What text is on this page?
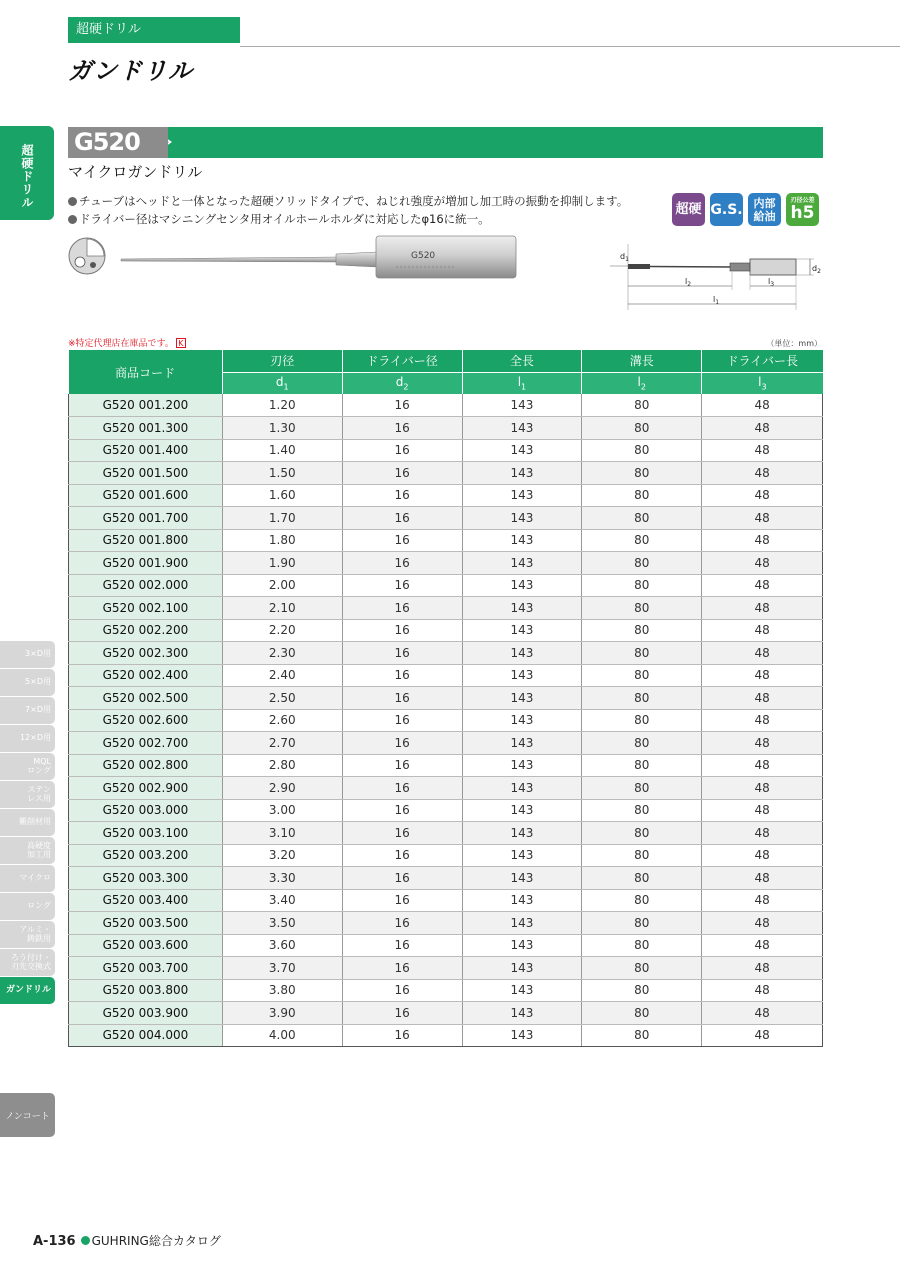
超硬ドリル
ガンドリル
超硬ドリル
3×D用
5×D用
7×D用
12×D用
MQL
ロング
ステン
レス用
難削材用
高硬度
加工用
マイクロ
ロング
アルミ・
鋳鉄用
ろう付け・
刃先交換式
ガンドリル
ノンコート
G520
マイクロガンドリル
チューブはヘッドと一体となった超硬ソリッドタイプで、ねじれ強度が増加し加工時の振動を抑制します。
ドライバー径はマシニングセンタ用オイルホールホルダに対応したφ16に統一。
超硬 G.S. 内部
給油
刃径公差
h5
G520	$d_1$
$d_2$
$l_2$	$l_3$
$l_1$
※特定代理店在庫品です。 K	（単位：mm）
商品コード	刃径	ドライバー径	全長	溝長	ドライバー長
	$d_1$	$d_2$	$l_1$	$l_2$	$l_3$
G520 001.200	1.20	16	143	80	48
G520 001.300	1.30	16	143	80	48
G520 001.400	1.40	16	143	80	48
G520 001.500	1.50	16	143	80	48
G520 001.600	1.60	16	143	80	48
G520 001.700	1.70	16	143	80	48
G520 001.800	1.80	16	143	80	48
G520 001.900	1.90	16	143	80	48
G520 002.000	2.00	16	143	80	48
G520 002.100	2.10	16	143	80	48
G520 002.200	2.20	16	143	80	48
G520 002.300	2.30	16	143	80	48
G520 002.400	2.40	16	143	80	48
G520 002.500	2.50	16	143	80	48
G520 002.600	2.60	16	143	80	48
G520 002.700	2.70	16	143	80	48
G520 002.800	2.80	16	143	80	48
G520 002.900	2.90	16	143	80	48
G520 003.000	3.00	16	143	80	48
G520 003.100	3.10	16	143	80	48
G520 003.200	3.20	16	143	80	48
G520 003.300	3.30	16	143	80	48
G520 003.400	3.40	16	143	80	48
G520 003.500	3.50	16	143	80	48
G520 003.600	3.60	16	143	80	48
G520 003.700	3.70	16	143	80	48
G520 003.800	3.80	16	143	80	48
G520 003.900	3.90	16	143	80	48
G520 004.000	4.00	16	143	80	48
A-136 GUHRING総合カタログ
